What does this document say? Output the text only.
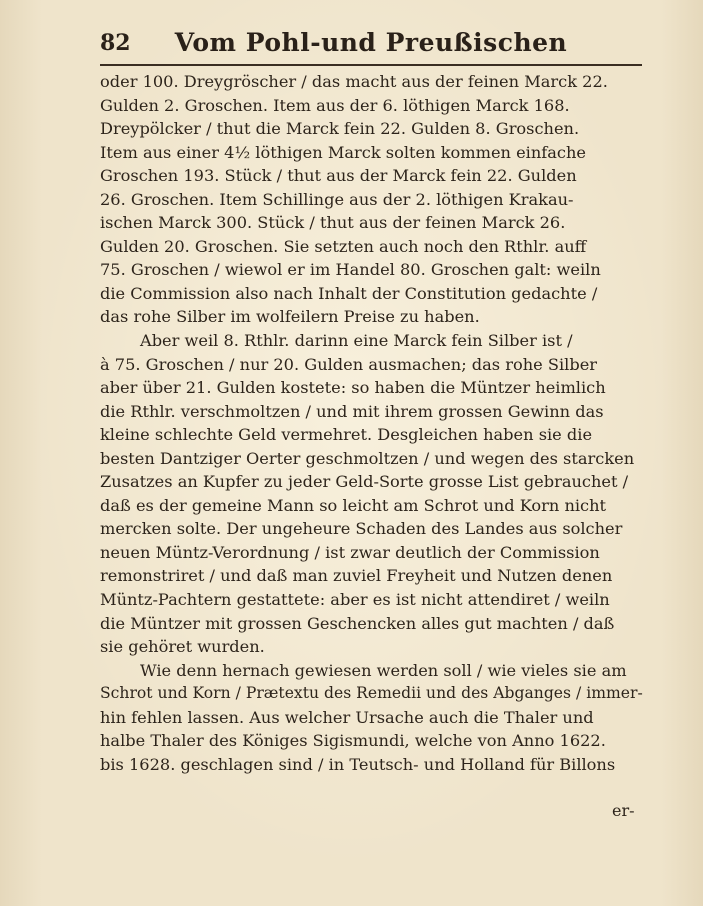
82	Vom Pohl-und Preußischen
oder 100. Dreygröscher / das macht aus der feinen Marck 22.
Gulden 2. Groschen. Item aus der 6. löthigen Marck 168.
Dreypölcker / thut die Marck fein 22. Gulden 8. Groschen.
Item aus einer 4½ löthigen Marck solten kommen einfache
Groschen 193. Stück / thut aus der Marck fein 22. Gulden
26. Groschen. Item Schillinge aus der 2. löthigen Krakau-
ischen Marck 300. Stück / thut aus der feinen Marck 26.
Gulden 20. Groschen. Sie setzten auch noch den Rthlr. auff
75. Groschen / wiewol er im Handel 80. Groschen galt: weiln
die Commission also nach Inhalt der Constitution gedachte /
das rohe Silber im wolfeilern Preise zu haben.
Aber weil 8. Rthlr. darinn eine Marck fein Silber ist /
à 75. Groschen / nur 20. Gulden ausmachen; das rohe Silber
aber über 21. Gulden kostete: so haben die Müntzer heimlich
die Rthlr. verschmoltzen / und mit ihrem grossen Gewinn das
kleine schlechte Geld vermehret. Desgleichen haben sie die
besten Dantziger Oerter geschmoltzen / und wegen des starcken
Zusatzes an Kupfer zu jeder Geld-Sorte grosse List gebrauchet /
daß es der gemeine Mann so leicht am Schrot und Korn nicht
mercken solte. Der ungeheure Schaden des Landes aus solcher
neuen Müntz-Verordnung / ist zwar deutlich der Commission
remonstriret / und daß man zuviel Freyheit und Nutzen denen
Müntz-Pachtern gestattete: aber es ist nicht attendiret / weiln
die Müntzer mit grossen Geschencken alles gut machten / daß
sie gehöret wurden.
Wie denn hernach gewiesen werden soll / wie vieles sie am
Schrot und Korn / Prætextu des Remedii und des Abganges / immer-
hin fehlen lassen. Aus welcher Ursache auch die Thaler und
halbe Thaler des Königes Sigismundi, welche von Anno 1622.
bis 1628. geschlagen sind / in Teutsch- und Holland für Billons
er-
